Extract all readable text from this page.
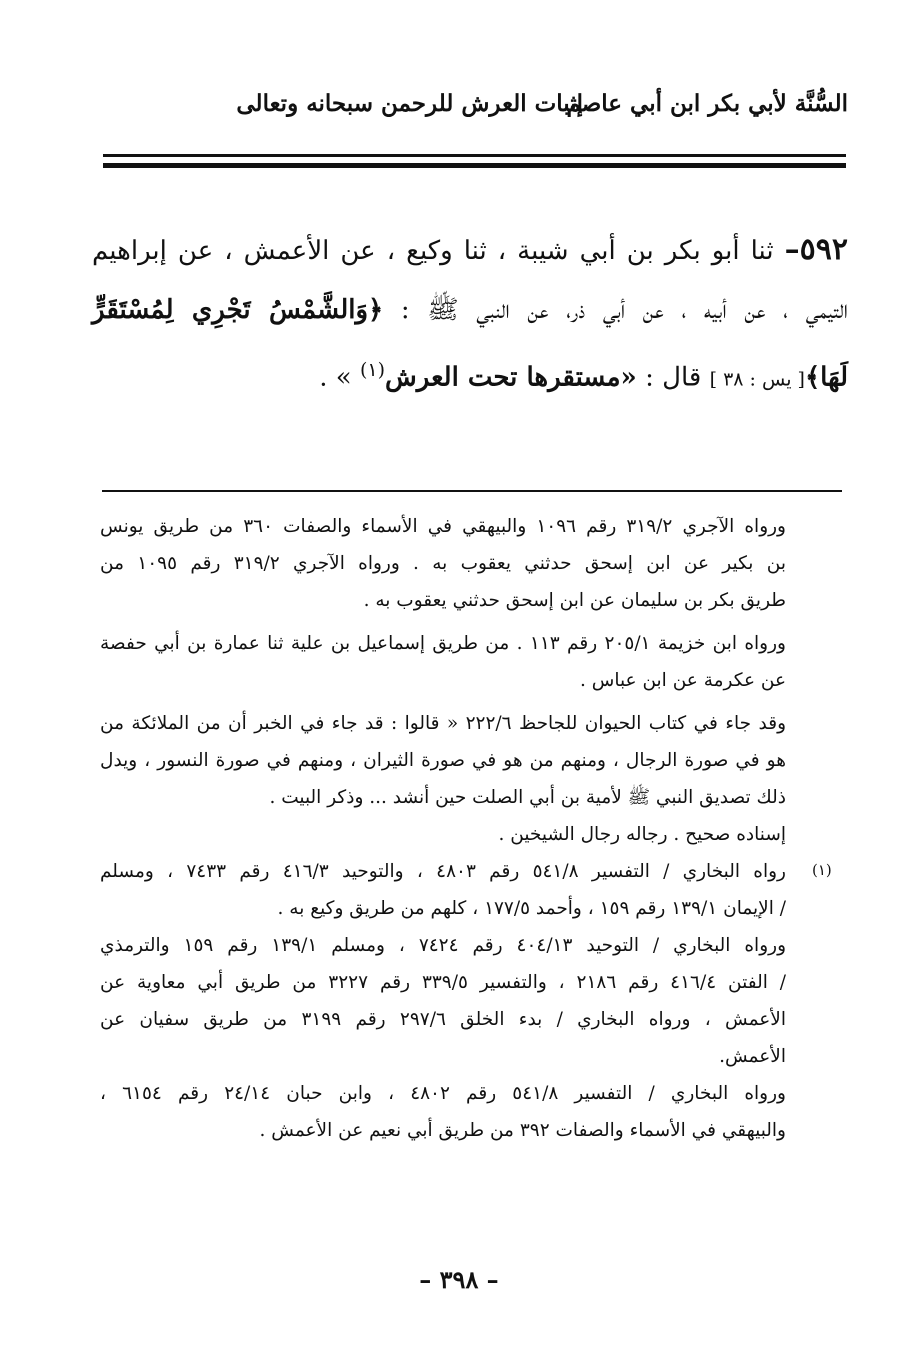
السُّنَّة لأبي بكر ابن أبي عاصم
إثبات العرش للرحمن سبحانه وتعالى
٥٩٢– ثنا أبو بكر بن أبي شيبة ، ثنا وكيع ، عن الأعمش ، عن إبراهيم
التيمي ، عن أبيه ، عن أبي ذر، عن النبي ﷺ : ﴿وَالشَّمْسُ تَجْرِي لِمُسْتَقَرٍّ
لَهَا﴾[ يس : ٣٨ ] قال : «مستقرها تحت العرش$^{(١)}$ » .
ورواه الآجري ٣١٩/٢ رقم ١٠٩٦ والبيهقي في الأسماء والصفات ٣٦٠ من طريق يونس
بن بكير عن ابن إسحق حدثني يعقوب به . ورواه الآجري ٣١٩/٢ رقم ١٠٩٥ من
طريق بكر بن سليمان عن ابن إسحق حدثني يعقوب به .
ورواه ابن خزيمة ٢٠٥/١ رقم ١١٣ . من طريق إسماعيل بن علية ثنا عمارة بن أبي حفصة
عن عكرمة عن ابن عباس .
وقد جاء في كتاب الحيوان للجاحظ ٢٢٢/٦ « قالوا : قد جاء في الخبر أن من الملائكة من
هو في صورة الرجال ، ومنهم من هو في صورة الثيران ، ومنهم في صورة النسور ، ويدل
ذلك تصديق النبي ﷺ لأمية بن أبي الصلت حين أنشد ... وذكر البيت .
إسناده صحيح . رجاله رجال الشيخين .
رواه البخاري / التفسير ٥٤١/٨ رقم ٤٨٠٣ ، والتوحيد ٤١٦/٣ رقم ٧٤٣٣ ، ومسلم
/ الإيمان ١٣٩/١ رقم ١٥٩ ، وأحمد ١٧٧/٥ ، كلهم من طريق وكيع به .
ورواه البخاري / التوحيد ٤٠٤/١٣ رقم ٧٤٢٤ ، ومسلم ١٣٩/١ رقم ١٥٩ والترمذي
/ الفتن ٤١٦/٤ رقم ٢١٨٦ ، والتفسير ٣٣٩/٥ رقم ٣٢٢٧ من طريق أبي معاوية عن
الأعمش ، ورواه البخاري / بدء الخلق ٢٩٧/٦ رقم ٣١٩٩ من طريق سفيان عن
الأعمش.
ورواه البخاري / التفسير ٥٤١/٨ رقم ٤٨٠٢ ، وابن حبان ٢٤/١٤ رقم ٦١٥٤ ،
والبيهقي في الأسماء والصفات ٣٩٢ من طريق أبي نعيم عن الأعمش .
(١)
– ٣٩٨ –
